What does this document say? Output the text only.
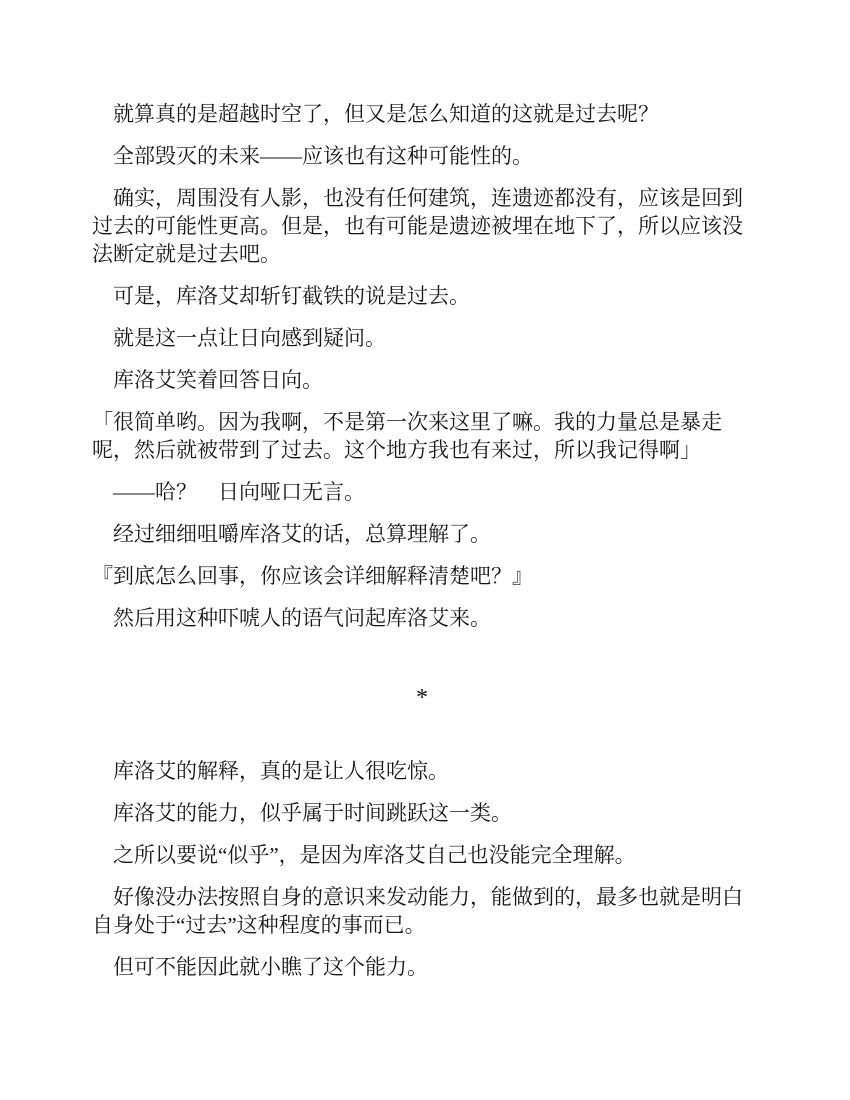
就算真的是超越时空了，但又是怎么知道的这就是过去呢？

全部毁灭的未来——应该也有这种可能性的。

确实，周围没有人影，也没有任何建筑，连遗迹都没有，应该是回到过去的可能性更高。但是，也有可能是遗迹被埋在地下了，所以应该没法断定就是过去吧。

可是，库洛艾却斩钉截铁的说是过去。

就是这一点让日向感到疑问。

库洛艾笑着回答日向。

「很简单哟。因为我啊，不是第一次来这里了嘛。我的力量总是暴走呢，然后就被带到了过去。这个地方我也有来过，所以我记得啊」

——哈？　日向哑口无言。

经过细细咀嚼库洛艾的话，总算理解了。

『到底怎么回事，你应该会详细解释清楚吧？』

然后用这种吓唬人的语气问起库洛艾来。

*

库洛艾的解释，真的是让人很吃惊。

库洛艾的能力，似乎属于时间跳跃这一类。

之所以要说“似乎”，是因为库洛艾自己也没能完全理解。

好像没办法按照自身的意识来发动能力，能做到的，最多也就是明白自身处于“过去”这种程度的事而已。

但可不能因此就小瞧了这个能力。
